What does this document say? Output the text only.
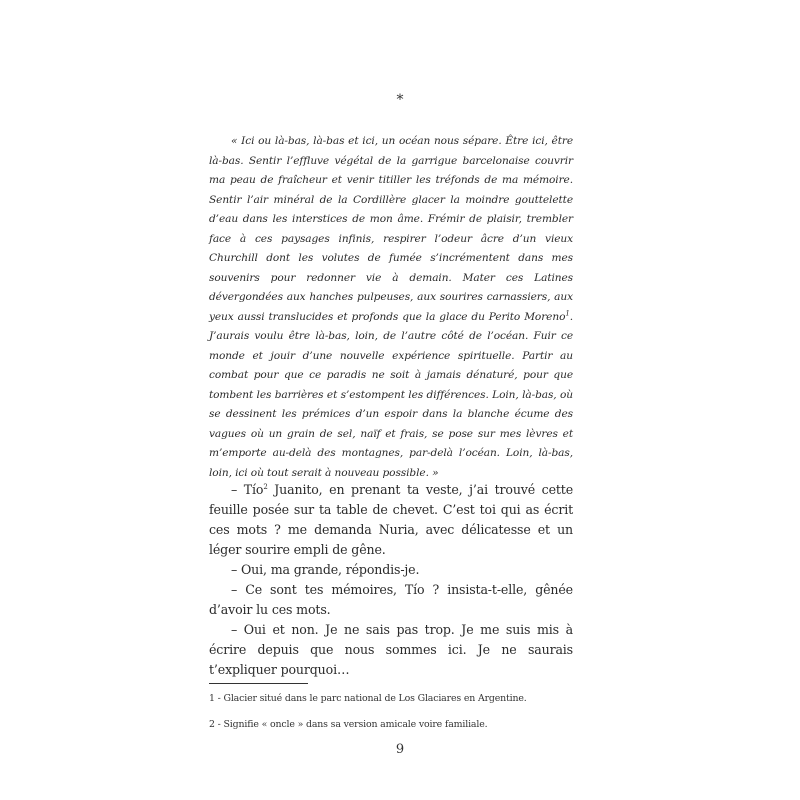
*
« Ici ou là-bas, là-bas et ici, un océan nous sépare. Être ici, être là-bas. Sentir l’effluve végétal de la garrigue barcelonaise couvrir ma peau de fraîcheur et venir titiller les tréfonds de ma mémoire. Sentir l’air minéral de la Cordillère glacer la moindre gouttelette d’eau dans les interstices de mon âme. Frémir de plaisir, trembler face à ces paysages infinis, respirer l’odeur âcre d’un vieux Churchill dont les volutes de fumée s’incrémentent dans mes souvenirs pour redonner vie à demain. Mater ces Latines dévergondées aux hanches pulpeuses, aux sourires carnassiers, aux yeux aussi translucides et profonds que la glace du Perito Moreno$^1$. J’aurais voulu être là-bas, loin, de l’autre côté de l’océan. Fuir ce monde et jouir d’une nouvelle expérience spirituelle. Partir au combat pour que ce paradis ne soit à jamais dénaturé, pour que tombent les barrières et s’estompent les différences. Loin, là-bas, où se dessinent les prémices d’un espoir dans la blanche écume des vagues où un grain de sel, naïf et frais, se pose sur mes lèvres et m’emporte au-delà des montagnes, par-delà l’océan. Loin, là-bas, loin, ici où tout serait à nouveau possible. »

– Tío$^2$ Juanito, en prenant ta veste, j’ai trouvé cette feuille posée sur ta table de chevet. C’est toi qui as écrit ces mots ? me demanda Nuria, avec délicatesse et un léger sourire empli de gêne.

– Oui, ma grande, répondis-je.

– Ce sont tes mémoires, Tío ? insista-t-elle, gênée d’avoir lu ces mots.

– Oui et non. Je ne sais pas trop. Je me suis mis à écrire depuis que nous sommes ici. Je ne saurais t’expliquer pourquoi…

1 - Glacier situé dans le parc national de Los Glaciares en Argentine.
2 - Signifie « oncle » dans sa version amicale voire familiale.
9
